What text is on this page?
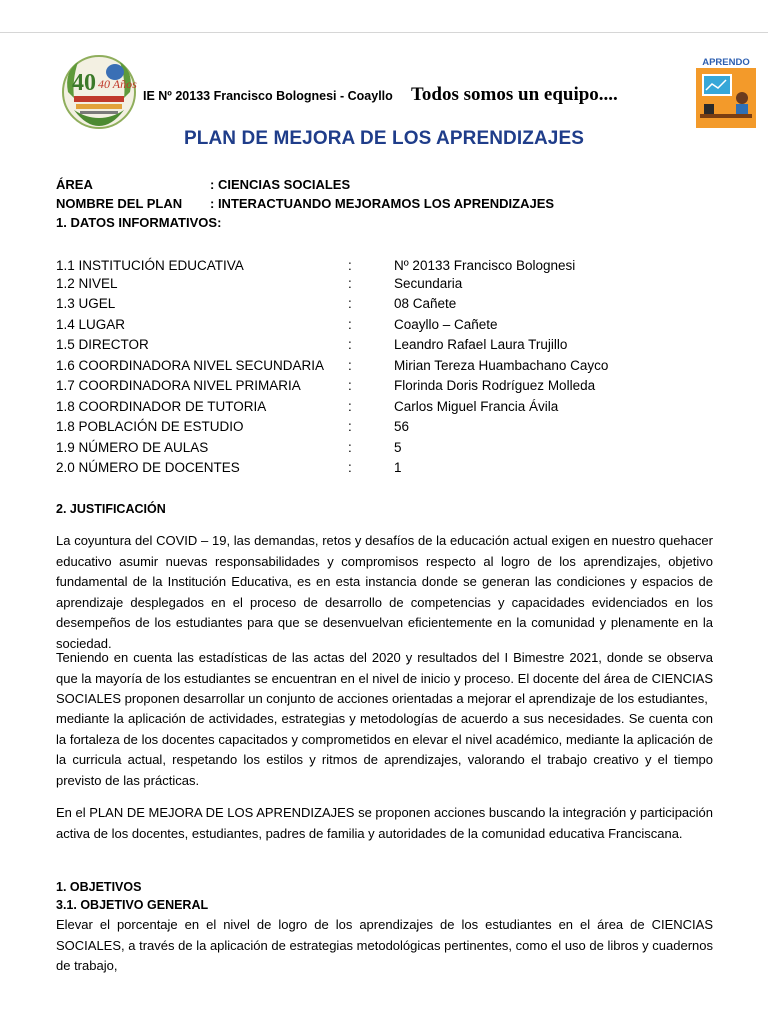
40 40 Años
IE Nº 20133 Francisco Bolognesi - Coayllo Todos somos un equipo....
APRENDO
PLAN DE MEJORA DE LOS APRENDIZAJES
ÁREA	: CIENCIAS SOCIALES
NOMBRE DEL PLAN : INTERACTUANDO MEJORAMOS LOS APRENDIZAJES
1. DATOS INFORMATIVOS:
1.1 INSTITUCIÓN EDUCATIVA	:	Nº 20133 Francisco Bolognesi
1.2 NIVEL	:	Secundaria
1.3 UGEL	:	08 Cañete
1.4 LUGAR	:	Coayllo – Cañete
1.5 DIRECTOR	:	Leandro Rafael Laura Trujillo
1.6 COORDINADORA NIVEL SECUNDARIA :	Mirian Tereza Huambachano Cayco
1.7 COORDINADORA NIVEL PRIMARIA	:	Florinda Doris Rodríguez Molleda
1.8 COORDINADOR DE TUTORIA	:	Carlos Miguel Francia Ávila
1.8 POBLACIÓN DE ESTUDIO	:	56
1.9 NÚMERO DE AULAS	:	5
2.0 NÚMERO DE DOCENTES	:	1
2. JUSTIFICACIÓN
La coyuntura del COVID – 19, las demandas, retos y desafíos de la educación actual exigen en nuestro quehacer educativo asumir nuevas responsabilidades y compromisos respecto al logro de los aprendizajes, objetivo fundamental de la Institución Educativa, es en esta instancia donde se generan las condiciones y espacios de aprendizaje desplegados en el proceso de desarrollo de competencias y capacidades evidenciados en los desempeños de los estudiantes para que se desenvuelvan eficientemente en la comunidad y plenamente en la sociedad.
Teniendo en cuenta las estadísticas de las actas del 2020 y resultados del I Bimestre 2021, donde se observa que la mayoría de los estudiantes se encuentran en el nivel de inicio y proceso. El docente del área de CIENCIAS SOCIALES proponen desarrollar un conjunto de acciones orientadas a mejorar el aprendizaje de los estudiantes,
mediante la aplicación de actividades, estrategias y metodologías de acuerdo a sus necesidades. Se cuenta con la fortaleza de los docentes capacitados y comprometidos en elevar el nivel académico, mediante la aplicación de la curricula actual, respetando los estilos y ritmos de aprendizajes, valorando el trabajo creativo y el tiempo previsto de las prácticas.
En el PLAN DE MEJORA DE LOS APRENDIZAJES se proponen acciones buscando la integración y participación activa de los docentes, estudiantes, padres de familia y autoridades de la comunidad educativa Franciscana.
1. OBJETIVOS
3.1. OBJETIVO GENERAL
Elevar el porcentaje en el nivel de logro de los aprendizajes de los estudiantes en el área de CIENCIAS SOCIALES, a través de la aplicación de estrategias metodológicas pertinentes, como el uso de libros y cuadernos de trabajo,
